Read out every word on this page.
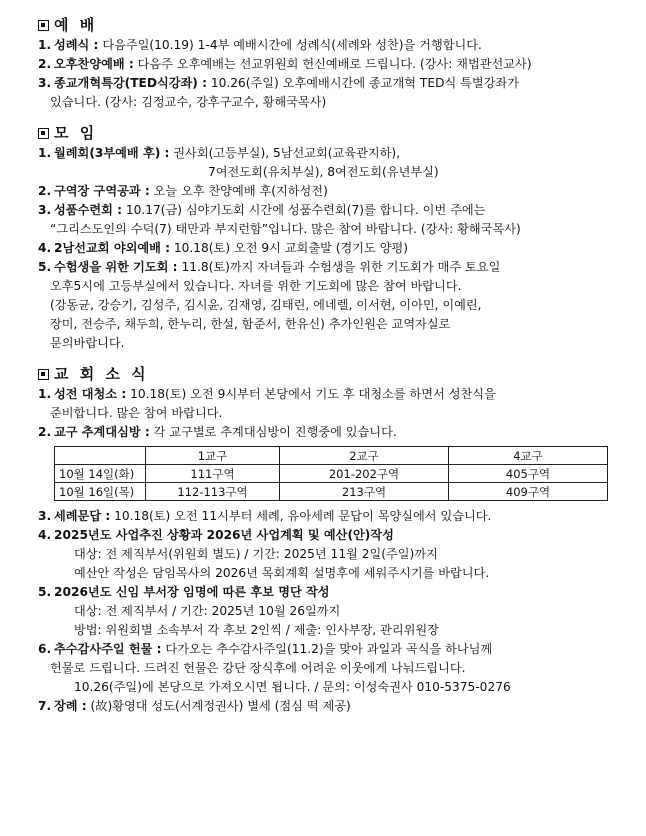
예 배
1. 성례식 : 다음주일(10.19) 1-4부 예배시간에 성례식(세례와 성찬)을 거행합니다.
2. 오후찬양예배 : 다음주 오후예배는 선교위원회 헌신예배로 드립니다. (강사: 채법관선교사)
3. 종교개혁특강(TED식강좌) : 10.26(주일) 오후예배시간에 종교개혁 TED식 특별강좌가
있습니다. (강사: 김정교수, 강후구교수, 황해국목사)
모 임
1. 월례회(3부예배 후) : 권사회(고등부실), 5남선교회(교육관지하),
7여전도회(유치부실), 8여전도회(유년부실)
2. 구역장 구역공과 : 오늘 오후 찬양예배 후(지하성전)
3. 성품수련회 : 10.17(금) 심야기도회 시간에 성품수련회(7)를 합니다. 이번 주에는
“그리스도인의 수덕(7) 태만과 부지런함”입니다. 많은 참여 바랍니다. (강사: 황해국목사)
4. 2남선교회 야외예배 : 10.18(토) 오전 9시 교회출발 (경기도 양평)
5. 수험생을 위한 기도회 : 11.8(토)까지 자녀들과 수험생을 위한 기도회가 매주 토요일
오후5시에 고등부실에서 있습니다. 자녀를 위한 기도회에 많은 참여 바랍니다.
(강동균, 강승기, 김성주, 김시윤, 김재영, 김태린, 에네렐, 이서현, 이아민, 이예린,
장미, 전승주, 채두희, 한누리, 한설, 함준서, 한유신) 추가인원은 교역자실로
문의바랍니다.
교 회 소 식
1. 성전 대청소 : 10.18(토) 오전 9시부터 본당에서 기도 후 대청소를 하면서 성찬식을
준비합니다. 많은 참여 바랍니다.
2. 교구 추계대심방 : 각 교구별로 추계대심방이 진행중에 있습니다.
	1교구	2교구	4교구
10월 14일(화)	111구역	201-202구역	405구역
10월 16일(목)	112-113구역	213구역	409구역
3. 세례문답 : 10.18(토) 오전 11시부터 세례, 유아세례 문답이 목양실에서 있습니다.
4. 2025년도 사업추진 상황과 2026년 사업계획 및 예산(안)작성
대상: 전 제직부서(위원회 별도) / 기간: 2025년 11월 2일(주일)까지
예산안 작성은 담임목사의 2026년 목회계획 설명후에 세워주시기를 바랍니다.
5. 2026년도 신임 부서장 임명에 따른 후보 명단 작성
대상: 전 제직부서 / 기간: 2025년 10월 26일까지
방법: 위원회별 소속부서 각 후보 2인씩 / 제출: 인사부장, 관리위원장
6. 추수감사주일 헌물 : 다가오는 추수감사주일(11.2)을 맞아 과일과 곡식을 하나님께
헌물로 드립니다. 드려진 헌물은 강단 장식후에 어려운 이웃에게 나눠드립니다.
10.26(주일)에 본당으로 가져오시면 됩니다. / 문의: 이성숙권사 010-5375-0276
7. 장례 : (故)황영대 성도(서계정권사) 별세 (점심 떡 제공)
